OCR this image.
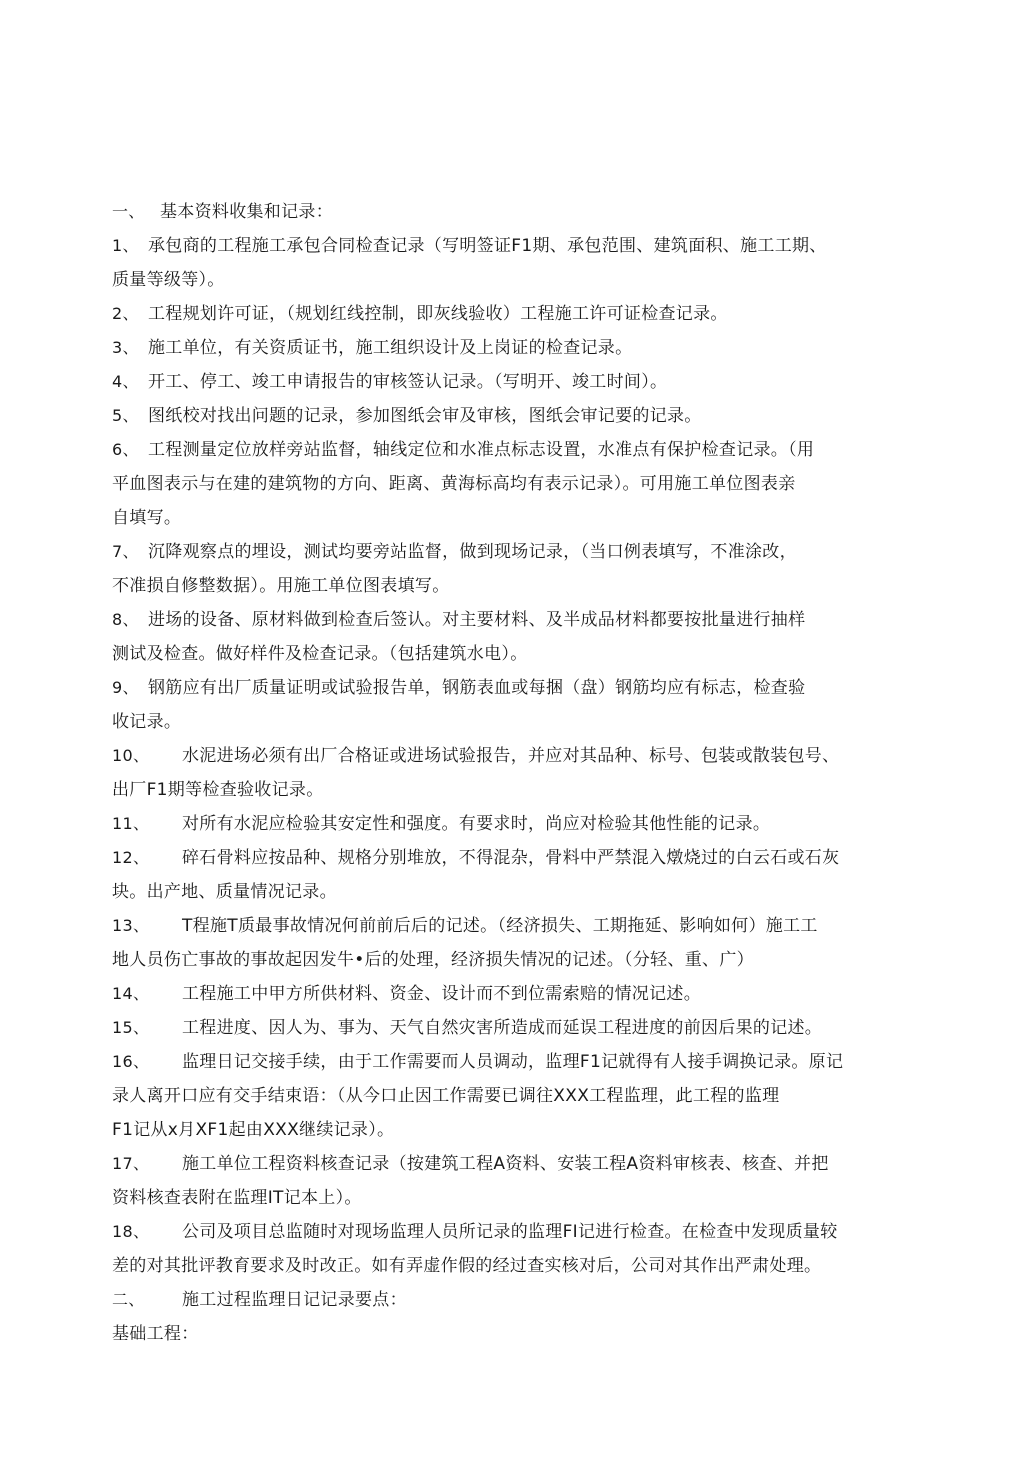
一、 基本资料收集和记录：
1、 承包商的工程施工承包合同检查记录（写明签证F1期、承包范围、建筑面积、施工工期、
质量等级等）。
2、 工程规划许可证，（规划红线控制，即灰线验收）工程施工许可证检查记录。
3、 施工单位，有关资质证书，施工组织设计及上岗证的检查记录。
4、 开工、停工、竣工申请报告的审核签认记录。（写明开、竣工时间）。
5、 图纸校对找出问题的记录，参加图纸会审及审核，图纸会审记要的记录。
6、 工程测量定位放样旁站监督，轴线定位和水准点标志设置，水准点有保护检查记录。（用
平血图表示与在建的建筑物的方向、距离、黄海标高均有表示记录）。可用施工单位图表亲
自填写。
7、 沉降观察点的埋设，测试均要旁站监督，做到现场记录，（当口例表填写，不准涂改，
不准损自修整数据）。用施工单位图表填写。
8、 进场的设备、原材料做到检查后签认。对主要材料、及半成品材料都要按批量进行抽样
测试及检查。做好样件及检查记录。（包括建筑水电）。
9、 钢筋应有出厂质量证明或试验报告单，钢筋表血或每捆（盘）钢筋均应有标志，检查验
收记录。
10、 水泥进场必须有出厂合格证或进场试验报告，并应对其品种、标号、包装或散装包号、
出厂F1期等检查验收记录。
11、 对所有水泥应检验其安定性和强度。有要求时，尚应对检验其他性能的记录。
12、 碎石骨料应按品种、规格分别堆放，不得混杂，骨料中严禁混入燉烧过的白云石或石灰
块。出产地、质量情况记录。
13、 T程施T质最事故情况何前前后后的记述。（经济损失、工期拖延、影响如何）施工工
地人员伤亡事故的事故起因发牛•后的处理，经济损失情况的记述。（分轻、重、广）
14、 工程施工中甲方所供材料、资金、设计而不到位需索赔的情况记述。
15、 工程进度、因人为、事为、天气自然灾害所造成而延误工程进度的前因后果的记述。
16、 监理日记交接手续，由于工作需要而人员调动，监理F1记就得有人接手调换记录。原记
录人离开口应有交手结束语：（从今口止因工作需要已调往XXX工程监理，此工程的监理
F1记从x月XF1起由XXX继续记录）。
17、 施工单位工程资料核查记录（按建筑工程A资料、安装工程A资料审核表、核查、并把
资料核查表附在监理IT记本上）。
18、 公司及项目总监随时对现场监理人员所记录的监理FI记进行检查。在检查中发现质量较
差的对其批评教育要求及时改正。如有弄虚作假的经过查实核对后，公司对其作出严肃处理。
二、 施工过程监理日记记录要点：
基础工程：
